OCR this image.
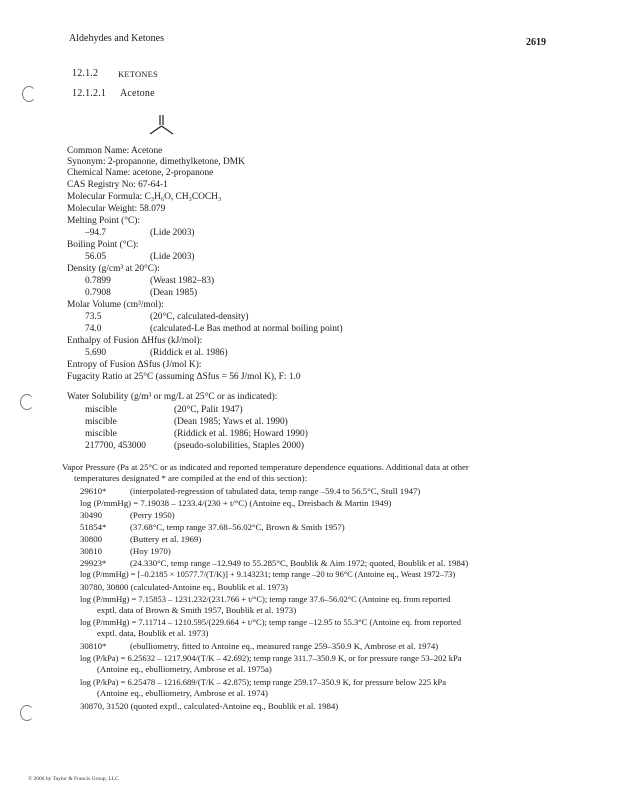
Aldehydes and Ketones	2619
12.1.2 KETONES
12.1.2.1 Acetone
Common Name: Acetone
Synonym: 2-propanone, dimethylketone, DMK
Chemical Name: acetone, 2-propanone
CAS Registry No: 67-64-1
Molecular Formula: C₃H₆O, CH₃COCH₃
Molecular Weight: 58.079
Melting Point (°C):
–94.7	(Lide 2003)
Boiling Point (°C):
56.05	(Lide 2003)
Density (g/cm³ at 20°C):
0.7899	(Weast 1982–83)
0.7908	(Dean 1985)
Molar Volume (cm³/mol):
73.5	(20°C, calculated-density)
74.0	(calculated-Le Bas method at normal boiling point)
Enthalpy of Fusion ΔHfus (kJ/mol):
5.690	(Riddick et al. 1986)
Entropy of Fusion ΔSfus (J/mol K):
Fugacity Ratio at 25°C (assuming ΔSfus = 56 J/mol K), F: 1.0
Water Solubility (g/m³ or mg/L at 25°C or as indicated):
miscible	(20°C, Palit 1947)
miscible	(Dean 1985; Yaws et al. 1990)
miscible	(Riddick et al. 1986; Howard 1990)
217700, 453000	(pseudo-solubilities, Staples 2000)
Vapor Pressure (Pa at 25°C or as indicated and reported temperature dependence equations. Additional data at other
temperatures designated * are compiled at the end of this section):
29610*	(interpolated-regression of tabulated data, temp range –59.4 to 56.5°C, Stull 1947)
log (P/mmHg) = 7.19038 – 1233.4/(230 + t/°C) (Antoine eq., Dreisbach & Martin 1949)
30490	(Perry 1950)
51854*	(37.68°C, temp range 37.68–56.02°C, Brown & Smith 1957)
30800	(Buttery et al. 1969)
30810	(Hoy 1970)
29923*	(24.330°C, temp range –12.949 to 55.285°C, Boublik & Aim 1972; quoted, Boublik et al. 1984)
log (P/mmHg) = [–0.2185 × 10577.7/(T/K)] + 9.143231; temp range –20 to 96°C (Antoine eq., Weast 1972–73)
30780, 30800 (calculated-Antoine eq., Boublik et al. 1973)
log (P/mmHg) = 7.15853 – 1231.232/(231.766 + t/°C); temp range 37.6–56.02°C (Antoine eq. from reported
exptl. data of Brown & Smith 1957, Boublik et al. 1973)
log (P/mmHg) = 7.11714 – 1210.595/(229.664 + t/°C); temp range –12.95 to 55.3°C (Antoine eq. from reported
exptl. data, Boublik et al. 1973)
30810*	(ebulliometry, fitted to Antoine eq., measured range 259–350.9 K, Ambrose et al. 1974)
log (P/kPa) = 6.25632 – 1217.904/(T/K – 42.692); temp range 311.7–350.9 K, or for pressure range 53–202 kPa
(Antoine eq., ebulliometry, Ambrose et al. 1975a)
log (P/kPa) = 6.25478 – 1216.689/(T/K – 42.875); temp range 259.17–350.9 K, for pressure below 225 kPa
(Antoine eq., ebulliometry, Ambrose et al. 1974)
30870, 31520 (quoted exptl., calculated-Antoine eq., Boublik et al. 1984)
© 2006 by Taylor & Francis Group, LLC
